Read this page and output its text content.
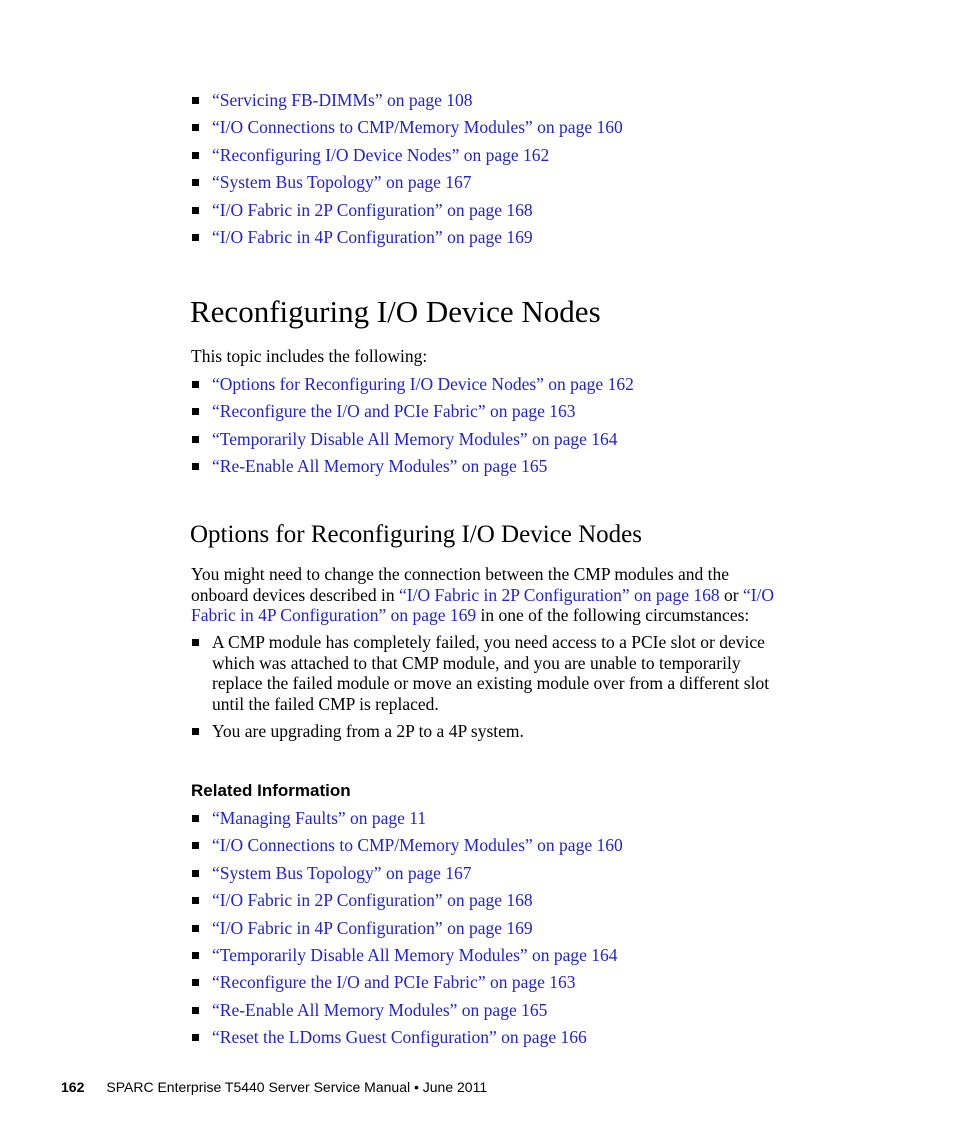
“Servicing FB-DIMMs” on page 108
“I/O Connections to CMP/Memory Modules” on page 160
“Reconfiguring I/O Device Nodes” on page 162
“System Bus Topology” on page 167
“I/O Fabric in 2P Configuration” on page 168
“I/O Fabric in 4P Configuration” on page 169
Reconfiguring I/O Device Nodes

This topic includes the following:

“Options for Reconfiguring I/O Device Nodes” on page 162
“Reconfigure the I/O and PCIe Fabric” on page 163
“Temporarily Disable All Memory Modules” on page 164
“Re-Enable All Memory Modules” on page 165
Options for Reconfiguring I/O Device Nodes
You might need to change the connection between the CMP modules and the
onboard devices described in “I/O Fabric in 2P Configuration” on page 168 or “I/O
Fabric in 4P Configuration” on page 169 in one of the following circumstances:
A CMP module has completely failed, you need access to a PCIe slot or device
which was attached to that CMP module, and you are unable to temporarily
replace the failed module or move an existing module over from a different slot
until the failed CMP is replaced.
You are upgrading from a 2P to a 4P system.
Related Information
“Managing Faults” on page 11
“I/O Connections to CMP/Memory Modules” on page 160
“System Bus Topology” on page 167
“I/O Fabric in 2P Configuration” on page 168
“I/O Fabric in 4P Configuration” on page 169
“Temporarily Disable All Memory Modules” on page 164
“Reconfigure the I/O and PCIe Fabric” on page 163
“Re-Enable All Memory Modules” on page 165
“Reset the LDoms Guest Configuration” on page 166
162 SPARC Enterprise T5440 Server Service Manual • June 2011
